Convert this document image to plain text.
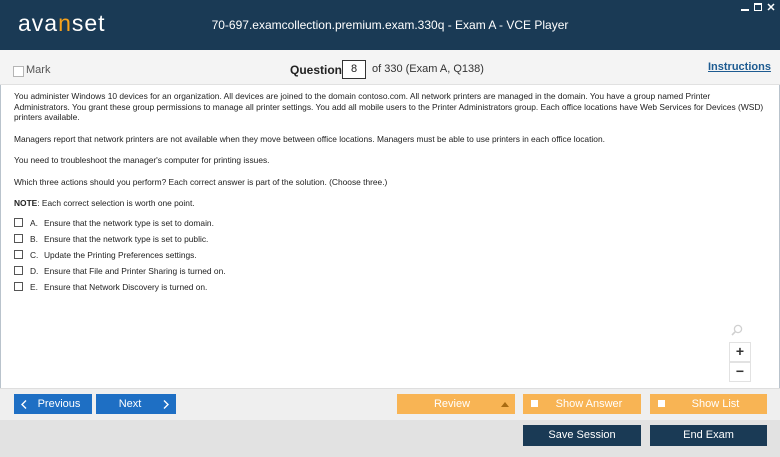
avanset	70-697.examcollection.premium.exam.330q - Exam A - VCE Player
Mark	Question 8	of 330 (Exam A, Q138)	Instructions

You administer Windows 10 devices for an organization. All devices are joined to the domain contoso.com. All network printers are managed in the domain. You have a group named Printer Administrators. You grant these group permissions to manage all printer settings. You add all mobile users to the Printer Administrators group. Each office locations have Web Services for Devices (WSD) printers available.

Managers report that network printers are not available when they move between office locations. Managers must be able to use printers in each office location.

You need to troubleshoot the manager's computer for printing issues.

Which three actions should you perform? Each correct answer is part of the solution. (Choose three.)

NOTE: Each correct selection is worth one point.

A. Ensure that the network type is set to domain.
B. Ensure that the network type is set to public.
C. Update the Printing Preferences settings.
D. Ensure that File and Printer Sharing is turned on.
E. Ensure that Network Discovery is turned on.
+
−
Previous	Next	Review	Show Answer	Show List
Save Session	End Exam
